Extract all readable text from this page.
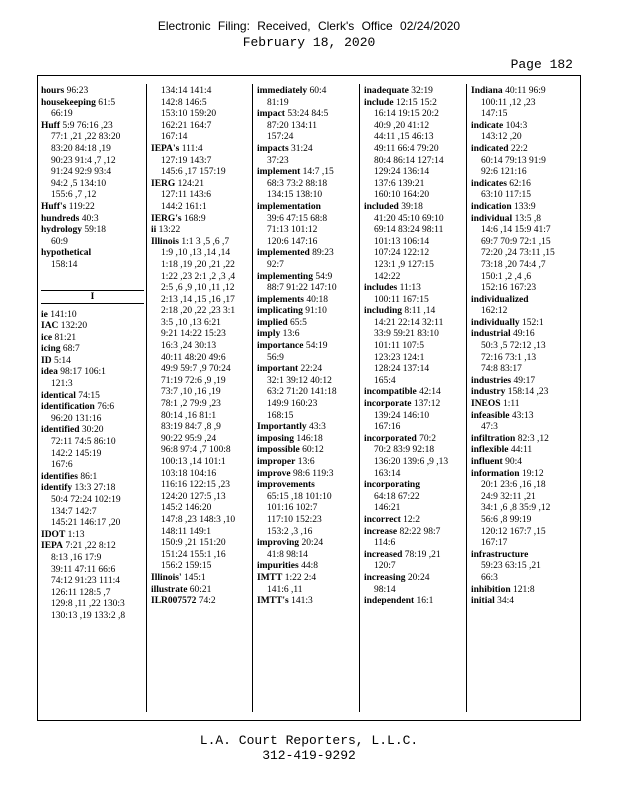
Electronic Filing: Received, Clerk's Office 02/24/2020
February 18, 2020
Page 182
hours 96:23
housekeeping 61:5
66:19
Huff 5:9 76:16 ,23
77:1 ,21 ,22 83:20
83:20 84:18 ,19
90:23 91:4 ,7 ,12
91:24 92:9 93:4
94:2 ,5 134:10
155:6 ,7 ,12
Huff's 119:22
hundreds 40:3
hydrology 59:18
60:9
hypothetical
158:14
I
ie 141:10
IAC 132:20
ice 81:21
icing 68:7
ID 5:14
idea 98:17 106:1
121:3
identical 74:15
identification 76:6
96:20 131:16
identified 30:20
72:11 74:5 86:10
142:2 145:19
167:6
identifies 86:1
identify 13:3 27:18
50:4 72:24 102:19
134:7 142:7
145:21 146:17 ,20
IDOT 1:13
IEPA 7:21 ,22 8:12
8:13 ,16 17:9
39:11 47:11 66:6
74:12 91:23 111:4
126:11 128:5 ,7
129:8 ,11 ,22 130:3
130:13 ,19 133:2 ,8
134:14 141:4
142:8 146:5
153:10 159:20
162:21 164:7
167:14
IEPA's 111:4
127:19 143:7
145:6 ,17 157:19
IERG 124:21
127:11 143:6
144:2 161:1
IERG's 168:9
ii 13:22
Illinois 1:1 3 ,5 ,6 ,7
1:9 ,10 ,13 ,14 ,14
1:18 ,19 ,20 ,21 ,22
1:22 ,23 2:1 ,2 ,3 ,4
2:5 ,6 ,9 ,10 ,11 ,12
2:13 ,14 ,15 ,16 ,17
2:18 ,20 ,22 ,23 3:1
3:5 ,10 ,13 6:21
9:21 14:22 15:23
16:3 ,24 30:13
40:11 48:20 49:6
49:9 59:7 ,9 70:24
71:19 72:6 ,9 ,19
73:7 ,10 ,16 ,19
78:1 ,2 79:9 ,23
80:14 ,16 81:1
83:19 84:7 ,8 ,9
90:22 95:9 ,24
96:8 97:4 ,7 100:8
100:13 ,14 101:1
103:18 104:16
116:16 122:15 ,23
124:20 127:5 ,13
145:2 146:20
147:8 ,23 148:3 ,10
148:11 149:1
150:9 ,21 151:20
151:24 155:1 ,16
156:2 159:15
Illinois' 145:1
illustrate 60:21
ILR007572 74:2
immediately 60:4
81:19
impact 53:24 84:5
87:20 134:11
157:24
impacts 31:24
37:23
implement 14:7 ,15
68:3 73:2 88:18
134:15 138:10
implementation
39:6 47:15 68:8
71:13 101:12
120:6 147:16
implemented 89:23
92:7
implementing 54:9
88:7 91:22 147:10
implements 40:18
implicating 91:10
implied 65:5
imply 13:6
importance 54:19
56:9
important 22:24
32:1 39:12 40:12
63:2 71:20 141:18
149:9 160:23
168:15
Importantly 43:3
imposing 146:18
impossible 60:12
improper 13:6
improve 98:6 119:3
improvements
65:15 ,18 101:10
101:16 102:7
117:10 152:23
153:2 ,3 ,16
improving 20:24
41:8 98:14
impurities 44:8
IMTT 1:22 2:4
141:6 ,11
IMTT's 141:3
inadequate 32:19
include 12:15 15:2
16:14 19:15 20:2
40:9 ,20 41:12
44:11 ,15 46:13
49:11 66:4 79:20
80:4 86:14 127:14
129:24 136:14
137:6 139:21
160:10 164:20
included 39:18
41:20 45:10 69:10
69:14 83:24 98:11
101:13 106:14
107:24 122:12
123:1 ,9 127:15
142:22
includes 11:13
100:11 167:15
including 8:11 ,14
14:21 22:14 32:11
33:9 59:21 83:10
101:11 107:5
123:23 124:1
128:24 137:14
165:4
incompatible 42:14
incorporate 137:12
139:24 146:10
167:16
incorporated 70:2
70:2 83:9 92:18
136:20 139:6 ,9 ,13
163:14
incorporating
64:18 67:22
146:21
incorrect 12:2
increase 82:22 98:7
114:6
increased 78:19 ,21
120:7
increasing 20:24
98:14
independent 16:1
Indiana 40:11 96:9
100:11 ,12 ,23
147:15
indicate 104:3
143:12 ,20
indicated 22:2
60:14 79:13 91:9
92:6 121:16
indicates 62:16
63:10 117:15
indication 133:9
individual 13:5 ,8
14:6 ,14 15:9 41:7
69:7 70:9 72:1 ,15
72:20 ,24 73:11 ,15
73:18 ,20 74:4 ,7
150:1 ,2 ,4 ,6
152:16 167:23
individualized
162:12
individually 152:1
industrial 49:16
50:3 ,5 72:12 ,13
72:16 73:1 ,13
74:8 83:17
industries 49:17
industry 158:14 ,23
INEOS 1:11
infeasible 43:13
47:3
infiltration 82:3 ,12
inflexible 44:11
influent 90:4
information 19:12
20:1 23:6 ,16 ,18
24:9 32:11 ,21
34:1 ,6 ,8 35:9 ,12
56:6 ,8 99:19
120:12 167:7 ,15
167:17
infrastructure
59:23 63:15 ,21
66:3
inhibition 121:8
initial 34:4
L.A. Court Reporters, L.L.C.
312-419-9292
